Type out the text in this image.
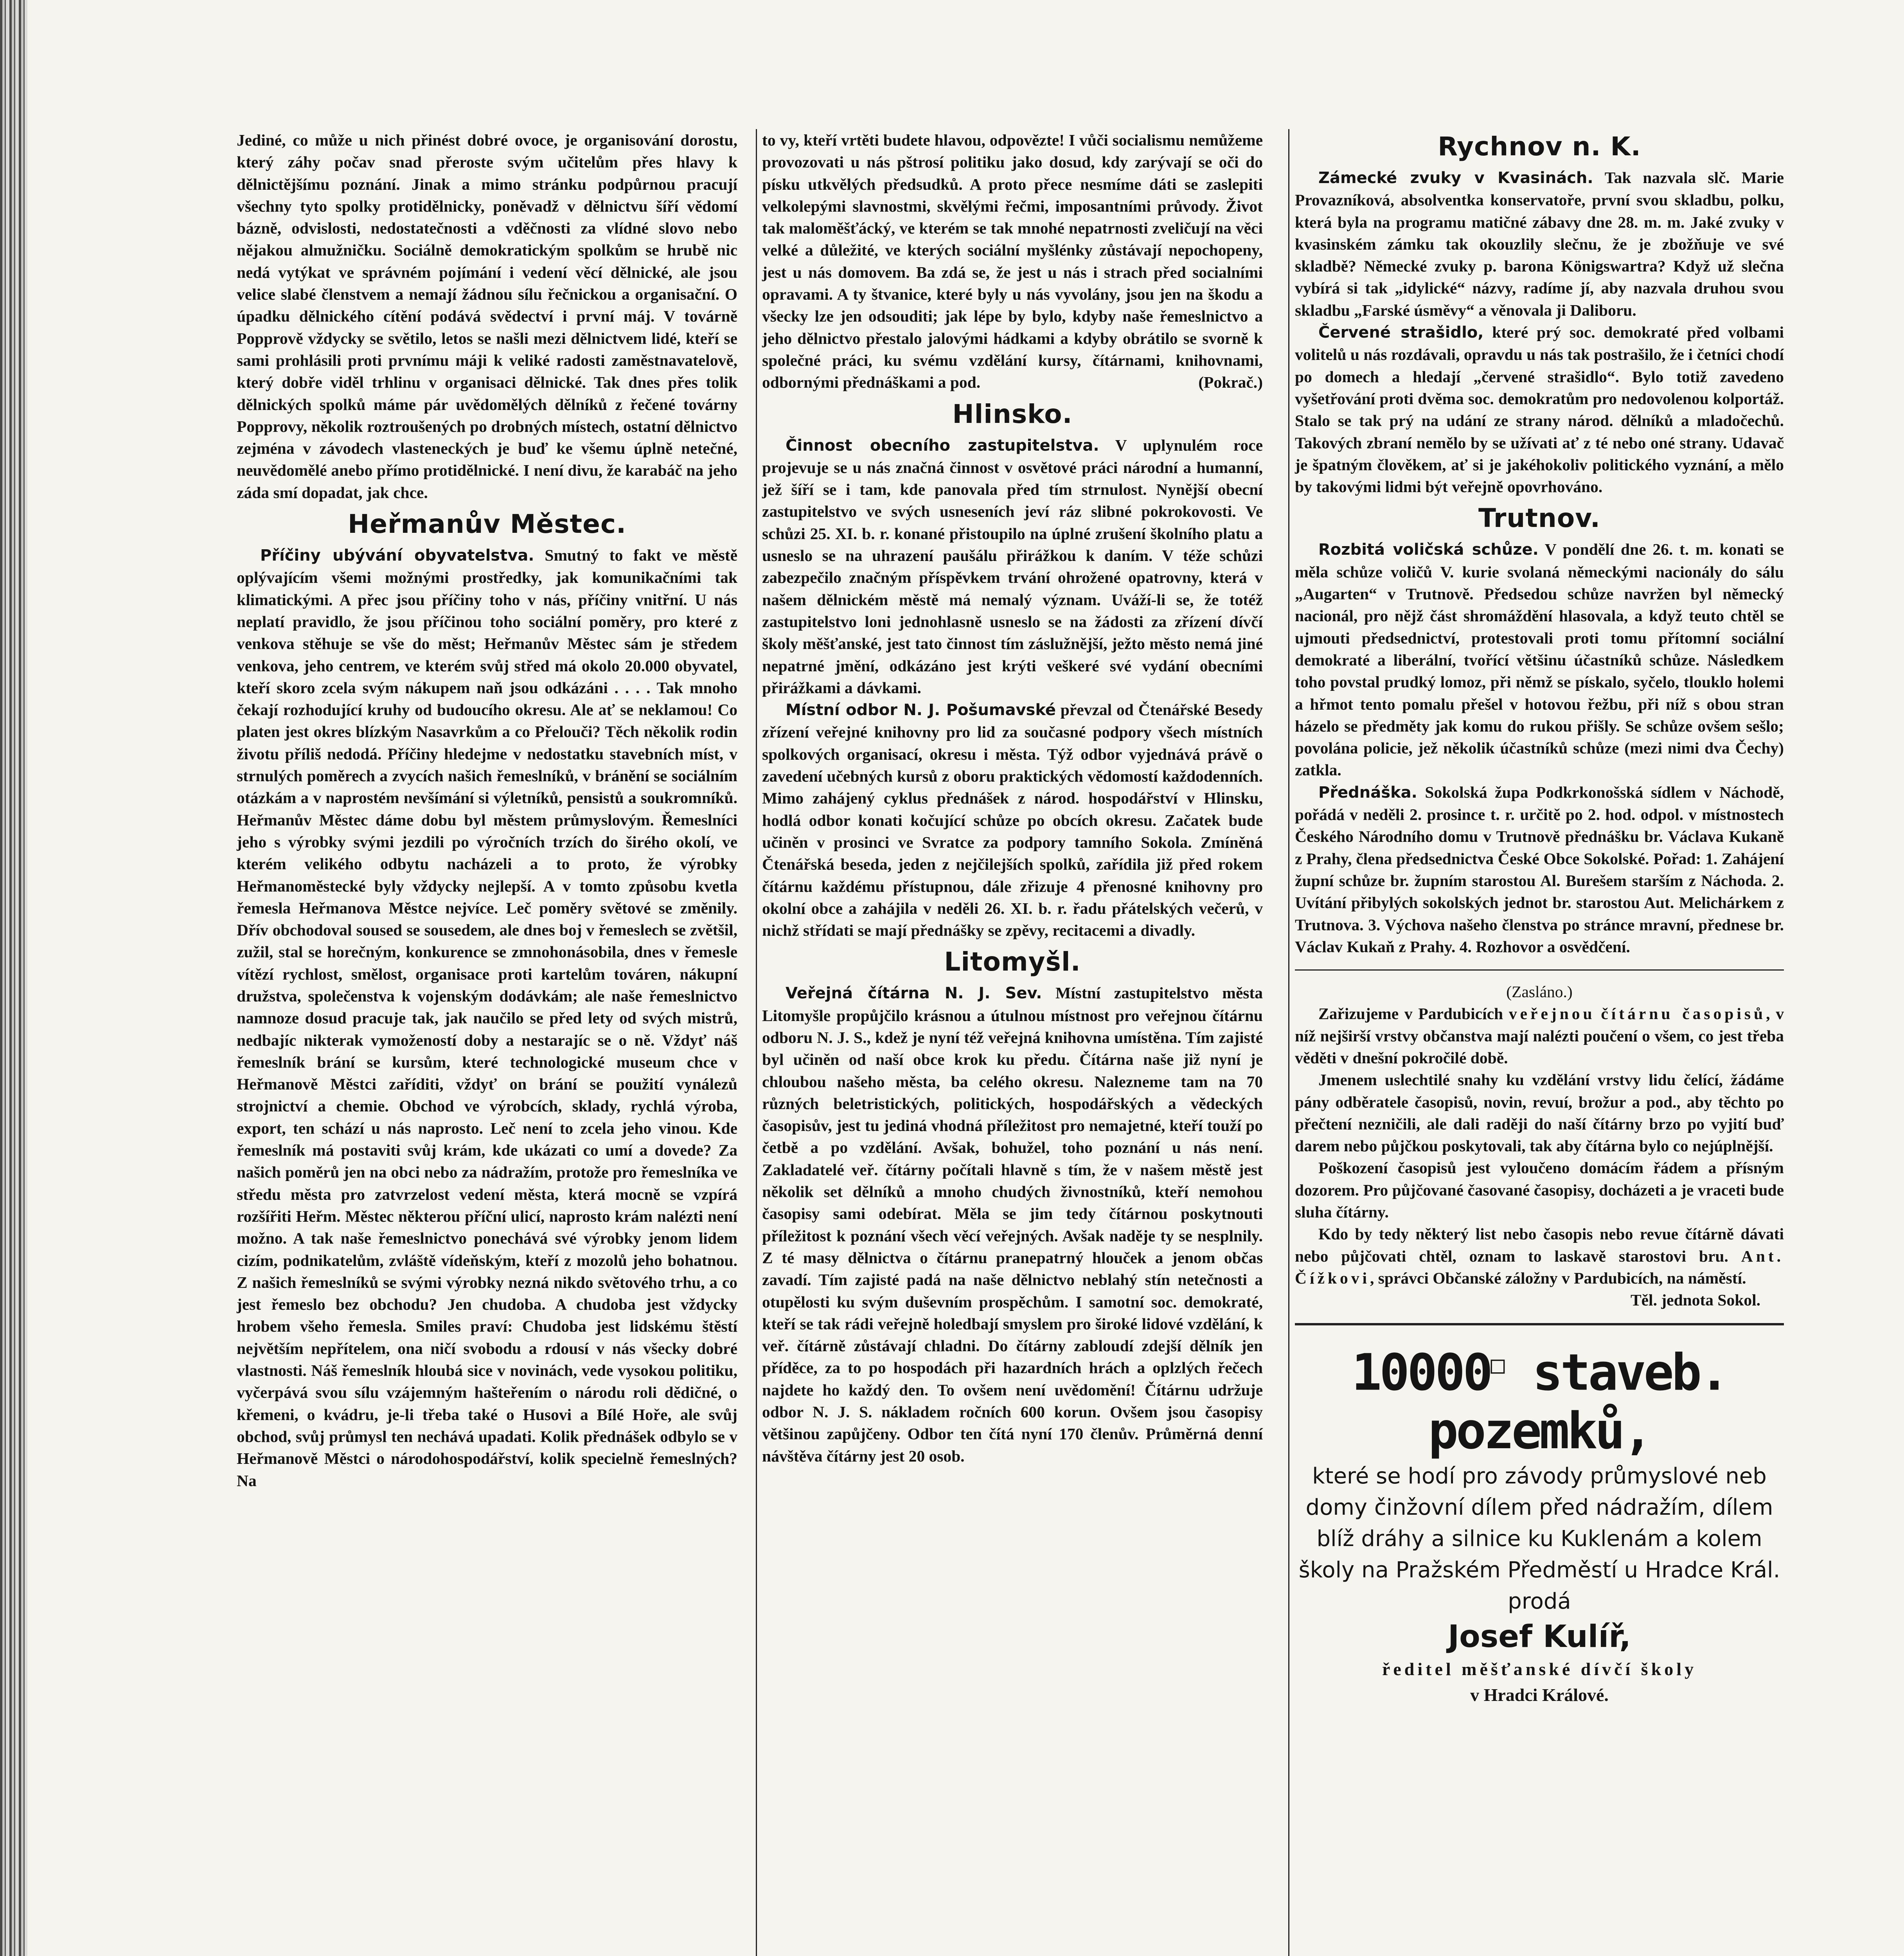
Jediné, co může u nich přinést dobré ovoce, je organisování dorostu, který záhy počav snad přeroste svým učitelům přes hlavy k dělnictějšímu poznání. Jinak a mimo stránku podpůrnou pracují všechny tyto spolky protidělnicky, poněvadž v dělnictvu šíří vědomí bázně, odvislosti, nedostatečnosti a vděčnosti za vlídné slovo nebo nějakou almužničku. Sociálně demokratickým spolkům se hrubě nic nedá vytýkat ve správném pojímání i vedení věcí dělnické, ale jsou velice slabé členstvem a nemají žádnou sílu řečnickou a organisační. O úpadku dělnického cítění podává svědectví i první máj. V továrně Popprově vždycky se světilo, letos se našli mezi dělnictvem lidé, kteří se sami prohlásili proti prvnímu máji k veliké radosti zaměstnavatelově, který dobře viděl trhlinu v organisaci dělnické. Tak dnes přes tolik dělnických spolků máme pár uvědomělých dělníků z řečené továrny Popprovy, několik roztroušených po drobných místech, ostatní dělnictvo zejména v závodech vlasteneckých je buď ke všemu úplně netečné, neuvědomělé anebo přímo protidělnické. I není divu, že karabáč na jeho záda smí dopadat, jak chce.

Heřmanův Městec.

Příčiny ubývání obyvatelstva. Smutný to fakt ve městě oplývajícím všemi možnými prostředky, jak komunikačními tak klimatickými. A přec jsou příčiny toho v nás, příčiny vnitřní. U nás neplatí pravidlo, že jsou příčinou toho sociální poměry, pro které z venkova stěhuje se vše do měst; Heřmanův Městec sám je středem venkova, jeho centrem, ve kterém svůj střed má okolo 20.000 obyvatel, kteří skoro zcela svým nákupem naň jsou odkázáni . . . . Tak mnoho čekají rozhodující kruhy od budoucího okresu. Ale ať se neklamou! Co platen jest okres blízkým Nasavrkům a co Přelouči? Těch několik rodin životu příliš nedodá. Příčiny hledejme v nedostatku stavebních míst, v strnulých poměrech a zvycích našich řemeslníků, v bránění se sociálním otázkám a v naprostém nevšímání si výletníků, pensistů a soukromníků. Heřmanův Městec dáme dobu byl městem průmyslovým. Řemeslníci jeho s výrobky svými jezdili po výročních trzích do širého okolí, ve kterém velikého odbytu nacházeli a to proto, že výrobky Heřmanoměstecké byly vždycky nejlepší. A v tomto způsobu kvetla řemesla Heřmanova Městce nejvíce. Leč poměry světové se změnily. Dřív obchodoval soused se sousedem, ale dnes boj v řemeslech se zvětšil, zužil, stal se horečným, konkurence se zmnohonásobila, dnes v řemesle vítězí rychlost, smělost, organisace proti kartelům továren, nákupní družstva, společenstva k vojenským dodávkám; ale naše řemeslnictvo namnoze dosud pracuje tak, jak naučilo se před lety od svých mistrů, nedbajíc nikterak vymožeností doby a nestarajíc se o ně. Vždyť náš řemeslník brání se kursům, které technologické museum chce v Heřmanově Městci zaříditi, vždyť on brání se použití vynálezů strojnictví a chemie. Obchod ve výrobcích, sklady, rychlá výroba, export, ten schází u nás naprosto. Leč není to zcela jeho vinou. Kde řemeslník má postaviti svůj krám, kde ukázati co umí a dovede? Za našich poměrů jen na obci nebo za nádražím, protože pro řemeslníka ve středu města pro zatvrzelost vedení města, která mocně se vzpírá rozšířiti Heřm. Městec některou příční ulicí, naprosto krám nalézti není možno. A tak naše řemeslnictvo ponechává své výrobky jenom lidem cizím, podnikatelům, zvláště vídeňským, kteří z mozolů jeho bohatnou. Z našich řemeslníků se svými výrobky nezná nikdo světového trhu, a co jest řemeslo bez obchodu? Jen chudoba. A chudoba jest vždycky hrobem všeho řemesla. Smiles praví: Chudoba jest lidskému štěstí největším nepřítelem, ona ničí svobodu a rdousí v nás všecky dobré vlastnosti. Náš řemeslník hloubá sice v novinách, vede vysokou politiku, vyčerpává svou sílu vzájemným hašteřením o národu roli dědičné, o křemeni, o kvádru, je-li třeba také o Husovi a Bílé Hoře, ale svůj obchod, svůj průmysl ten nechává upadati. Kolik přednášek odbylo se v Heřmanově Městci o národohospodářství, kolik specielně řemeslných? Na

to vy, kteří vrtěti budete hlavou, odpovězte! I vůči socialismu nemůžeme provozovati u nás pštrosí politiku jako dosud, kdy zarývají se oči do písku utkvělých předsudků. A proto přece nesmíme dáti se zaslepiti velkolepými slavnostmi, skvělými řečmi, imposantními průvody. Život tak maloměšťácký, ve kterém se tak mnohé nepatrnosti zveličují na věci velké a důležité, ve kterých sociální myšlénky zůstávají nepochopeny, jest u nás domovem. Ba zdá se, že jest u nás i strach před socialními opravami. A ty štvanice, které byly u nás vyvolány, jsou jen na škodu a všecky lze jen odsouditi; jak lépe by bylo, kdyby naše řemeslnictvo a jeho dělnictvo přestalo jalovými hádkami a kdyby obrátilo se svorně k společné práci, ku svému vzdělání kursy, čítárnami, knihovnami, odbornými přednáškami a pod.	(Pokrač.)

Hlinsko.

Činnost obecního zastupitelstva. V uplynulém roce projevuje se u nás značná činnost v osvětové práci národní a humanní, jež šíří se i tam, kde panovala před tím strnulost. Nynější obecní zastupitelstvo ve svých usneseních jeví ráz slibné pokrokovosti. Ve schůzi 25. XI. b. r. konané přistoupilo na úplné zrušení školního platu a usneslo se na uhrazení paušálu přirážkou k daním. V téže schůzi zabezpečilo značným příspěvkem trvání ohrožené opatrovny, která v našem dělnickém městě má nemalý význam. Uváží-li se, že totéž zastupitelstvo loni jednohlasně usneslo se na žádosti za zřízení dívčí školy měšťanské, jest tato činnost tím záslužnější, ježto město nemá jiné nepatrné jmění, odkázáno jest krýti veškeré své vydání obecními přirážkami a dávkami.

Místní odbor N. J. Pošumavské převzal od Čtenářské Besedy zřízení veřejné knihovny pro lid za současné podpory všech místních spolkových organisací, okresu i města. Týž odbor vyjednává právě o zavedení učebných kursů z oboru praktických vědomostí každodenních. Mimo zahájený cyklus přednášek z národ. hospodářství v Hlinsku, hodlá odbor konati kočující schůze po obcích okresu. Začatek bude učiněn v prosinci ve Svratce za podpory tamního Sokola. Zmíněná Čtenářská beseda, jeden z nejčilejších spolků, zařídila již před rokem čítárnu každému přístupnou, dále zřizuje 4 přenosné knihovny pro okolní obce a zahájila v neděli 26. XI. b. r. řadu přátelských večerů, v nichž střídati se mají přednášky se zpěvy, recitacemi a divadly.

Litomyšl.

Veřejná čítárna N. J. Sev. Místní zastupitelstvo města Litomyšle propůjčilo krásnou a útulnou místnost pro veřejnou čítárnu odboru N. J. S., kdež je nyní též veřejná knihovna umístěna. Tím zajisté byl učiněn od naší obce krok ku předu. Čítárna naše již nyní je chloubou našeho města, ba celého okresu. Nalezneme tam na 70 různých beletristických, politických, hospodářských a vědeckých časopisův, jest tu jediná vhodná příležitost pro nemajetné, kteří touží po četbě a po vzdělání. Avšak, bohužel, toho poznání u nás není. Zakladatelé veř. čítárny počítali hlavně s tím, že v našem městě jest několik set dělníků a mnoho chudých živnostníků, kteří nemohou časopisy sami odebírat. Měla se jim tedy čítárnou poskytnouti příležitost k poznání všech věcí veřejných. Avšak naděje ty se nesplnily. Z té masy dělnictva o čítárnu pranepatrný hlouček a jenom občas zavadí. Tím zajisté padá na naše dělnictvo neblahý stín netečnosti a otupělosti ku svým duševním prospěchům. I samotní soc. demokraté, kteří se tak rádi veřejně holedbají smyslem pro široké lidové vzdělání, k veř. čítárně zůstávají chladni. Do čítárny zabloudí zdejší dělník jen příděce, za to po hospodách při hazardních hrách a oplzlých řečech najdete ho každý den. To ovšem není uvědomění! Čítárnu udržuje odbor N. J. S. nákladem ročních 600 korun. Ovšem jsou časopisy většinou zapůjčeny. Odbor ten čítá nyní 170 členův. Průměrná denní návštěva čítárny jest 20 osob.

Rychnov n. K.

Zámecké zvuky v Kvasinách. Tak nazvala slč. Marie Provazníková, absolventka konservatoře, první svou skladbu, polku, která byla na programu matičné zábavy dne 28. m. m. Jaké zvuky v kvasinském zámku tak okouzlily slečnu, že je zbožňuje ve své skladbě? Německé zvuky p. barona Königswartra? Když už slečna vybírá si tak „idylické“ názvy, radíme jí, aby nazvala druhou svou skladbu „Farské úsměvy“ a věnovala ji Daliboru.

Červené strašidlo, které prý soc. demokraté před volbami volitelů u nás rozdávali, opravdu u nás tak postrašilo, že i četníci chodí po domech a hledají „červené strašidlo“. Bylo totiž zavedeno vyšetřování proti dvěma soc. demokratům pro nedovolenou kolportáž. Stalo se tak prý na udání ze strany národ. dělníků a mladočechů. Takových zbraní nemělo by se užívati ať z té nebo oné strany. Udavač je špatným člověkem, ať si je jakéhokoliv politického vyznání, a mělo by takovými lidmi být veřejně opovrhováno.

Trutnov.

Rozbitá voličská schůze. V pondělí dne 26. t. m. konati se měla schůze voličů V. kurie svolaná německými nacionály do sálu „Augarten“ v Trutnově. Předsedou schůze navržen byl německý nacionál, pro nějž část shromáždění hlasovala, a když teuto chtěl se ujmouti předsednictví, protestovali proti tomu přítomní sociální demokraté a liberální, tvořící většinu účastníků schůze. Následkem toho povstal prudký lomoz, při němž se pískalo, syčelo, tlouklo holemi a hřmot tento pomalu přešel v hotovou řežbu, při níž s obou stran házelo se předměty jak komu do rukou přišly. Se schůze ovšem sešlo; povolána policie, jež několik účastníků schůze (mezi nimi dva Čechy) zatkla.

Přednáška. Sokolská župa Podkrkonošská sídlem v Náchodě, pořádá v neděli 2. prosince t. r. určitě po 2. hod. odpol. v místnostech Českého Národního domu v Trutnově přednášku br. Václava Kukaně z Prahy, člena předsednictva České Obce Sokolské. Pořad: 1. Zahájení župní schůze br. župním starostou Al. Burešem starším z Náchoda. 2. Uvítání přibylých sokolských jednot br. starostou Aut. Melichárkem z Trutnova. 3. Výchova našeho členstva po stránce mravní, přednese br. Václav Kukaň z Prahy. 4. Rozhovor a osvědčení.

(Zasláno.)

Zařizujeme v Pardubicích veřejnou čítárnu časopisů, v níž nejširší vrstvy občanstva mají nalézti poučení o všem, co jest třeba věděti v dnešní pokročilé době.

Jmenem uslechtilé snahy ku vzdělání vrstvy lidu čelící, žádáme pány odběratele časopisů, novin, revuí, brožur a pod., aby těchto po přečtení nezničili, ale dali raději do naší čítárny brzo po vyjití buď darem nebo půjčkou poskytovali, tak aby čítárna bylo co nejúplnější.

Poškození časopisů jest vyloučeno domácím řádem a přísným dozorem. Pro půjčované časované časopisy, docházeti a je vraceti bude sluha čítárny.

Kdo by tedy některý list nebo časopis nebo revue čítárně dávati nebo půjčovati chtěl, oznam to laskavě starostovi bru. Ant. Čížkovi, správci Občanské záložny v Pardubicích, na náměstí.

Těl. jednota Sokol.

10000□ staveb. pozemků,
které se hodí pro závody průmyslové neb domy činžovní dílem před nádražím, dílem blíž dráhy a silnice ku Kuklenám a kolem školy na Pražském Předměstí u Hradce Král. prodá
Josef Kulíř,
ředitel měšťanské dívčí školy
v Hradci Králové.
